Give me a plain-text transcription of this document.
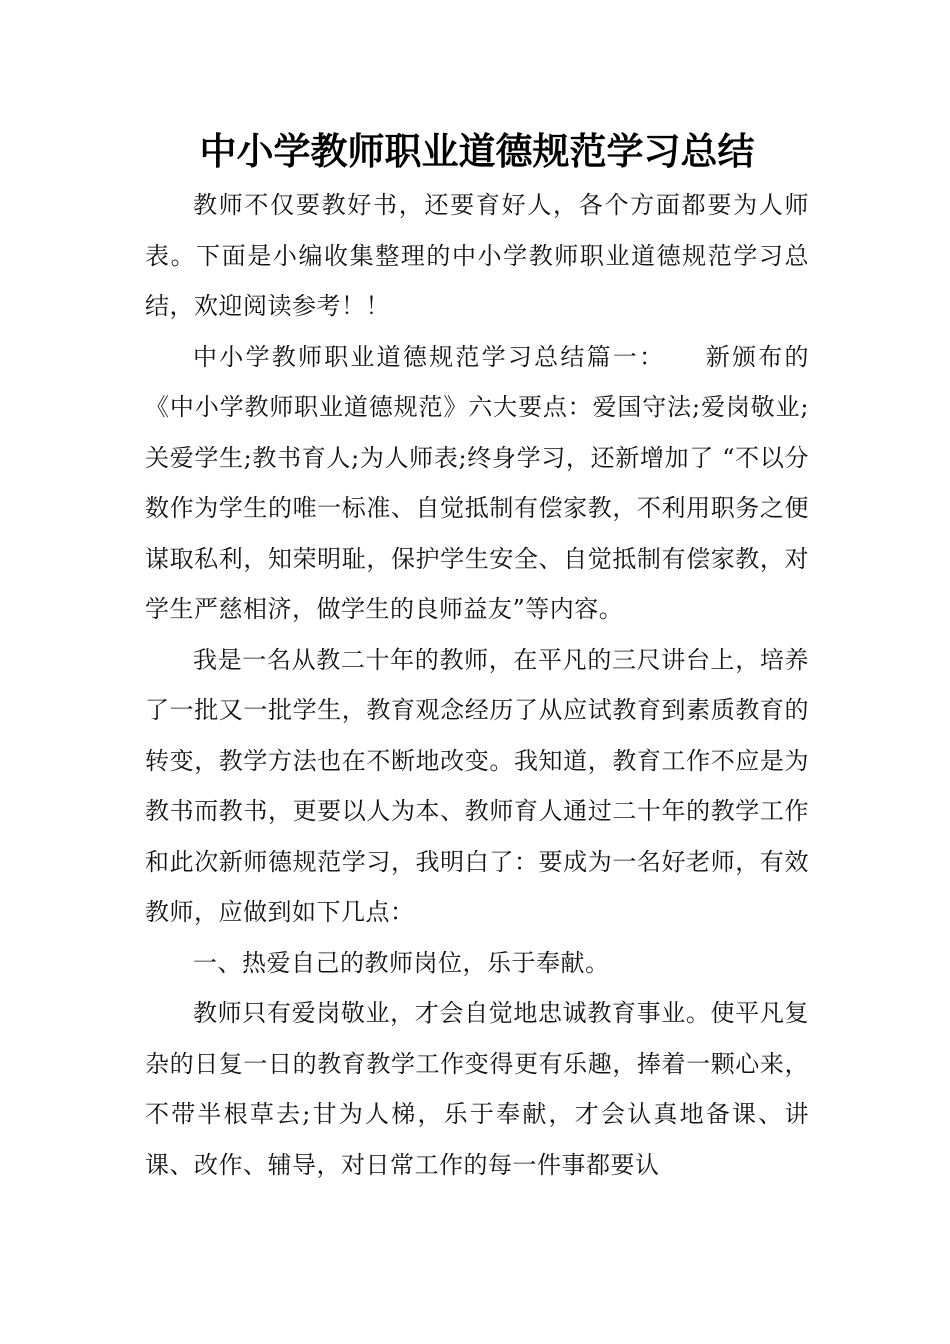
中小学教师职业道德规范学习总结

教师不仅要教好书，还要育好人，各个方面都要为人师表。下面是小编收集整理的中小学教师职业道德规范学习总结，欢迎阅读参考！！

中小学教师职业道德规范学习总结篇一：　　新颁布的《中小学教师职业道德规范》六大要点：爱国守法;爱岗敬业;关爱学生;教书育人;为人师表;终身学习，还新增加了 “不以分数作为学生的唯一标准、自觉抵制有偿家教，不利用职务之便谋取私利，知荣明耻，保护学生安全、自觉抵制有偿家教，对学生严慈相济，做学生的良师益友”等内容。

我是一名从教二十年的教师，在平凡的三尺讲台上，培养了一批又一批学生，教育观念经历了从应试教育到素质教育的转变，教学方法也在不断地改变。我知道，教育工作不应是为教书而教书，更要以人为本、教师育人通过二十年的教学工作和此次新师德规范学习，我明白了：要成为一名好老师，有效教师，应做到如下几点：

一、热爱自己的教师岗位，乐于奉献。

教师只有爱岗敬业，才会自觉地忠诚教育事业。使平凡复杂的日复一日的教育教学工作变得更有乐趣，捧着一颗心来，不带半根草去;甘为人梯，乐于奉献，才会认真地备课、讲课、改作、辅导，对日常工作的每一件事都要认
